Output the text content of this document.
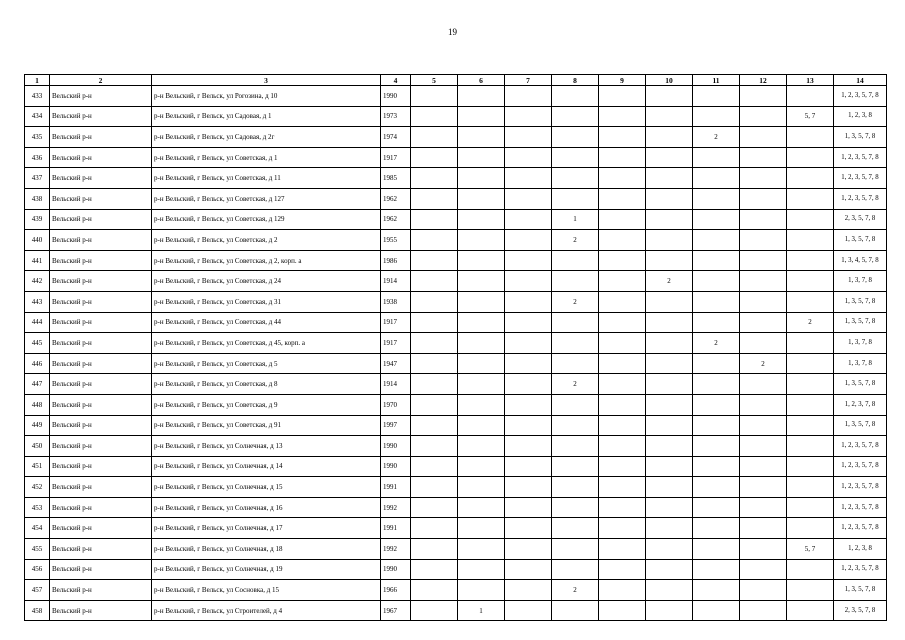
19
1	2	3	4	5	6	7	8	9	10	11	12	13	14
433	Вельский р-н	р-н Вельский, г Вельск, ул Рогозина, д 10	1990										1, 2, 3, 5, 7, 8
434	Вельский р-н	р-н Вельский, г Вельск, ул Садовая, д 1	1973									5, 7	1, 2, 3, 8
435	Вельский р-н	р-н Вельский, г Вельск, ул Садовая, д 2г	1974							2			1, 3, 5, 7, 8
436	Вельский р-н	р-н Вельский, г Вельск, ул Советская, д 1	1917										1, 2, 3, 5, 7, 8
437	Вельский р-н	р-н Вельский, г Вельск, ул Советская, д 11	1985										1, 2, 3, 5, 7, 8
438	Вельский р-н	р-н Вельский, г Вельск, ул Советская, д 127	1962										1, 2, 3, 5, 7, 8
439	Вельский р-н	р-н Вельский, г Вельск, ул Советская, д 129	1962				1						2, 3, 5, 7, 8
440	Вельский р-н	р-н Вельский, г Вельск, ул Советская, д 2	1955				2						1, 3, 5, 7, 8
441	Вельский р-н	р-н Вельский, г Вельск, ул Советская, д 2, корп. а	1986										1, 3, 4, 5, 7, 8
442	Вельский р-н	р-н Вельский, г Вельск, ул Советская, д 24	1914						2				1, 3, 7, 8
443	Вельский р-н	р-н Вельский, г Вельск, ул Советская, д 31	1938				2						1, 3, 5, 7, 8
444	Вельский р-н	р-н Вельский, г Вельск, ул Советская, д 44	1917									2	1, 3, 5, 7, 8
445	Вельский р-н	р-н Вельский, г Вельск, ул Советская, д 45, корп. а	1917							2			1, 3, 7, 8
446	Вельский р-н	р-н Вельский, г Вельск, ул Советская, д 5	1947								2		1, 3, 7, 8
447	Вельский р-н	р-н Вельский, г Вельск, ул Советская, д 8	1914				2						1, 3, 5, 7, 8
448	Вельский р-н	р-н Вельский, г Вельск, ул Советская, д 9	1970										1, 2, 3, 7, 8
449	Вельский р-н	р-н Вельский, г Вельск, ул Советская, д 91	1997										1, 3, 5, 7, 8
450	Вельский р-н	р-н Вельский, г Вельск, ул Солнечная, д 13	1990										1, 2, 3, 5, 7, 8
451	Вельский р-н	р-н Вельский, г Вельск, ул Солнечная, д 14	1990										1, 2, 3, 5, 7, 8
452	Вельский р-н	р-н Вельский, г Вельск, ул Солнечная, д 15	1991										1, 2, 3, 5, 7, 8
453	Вельский р-н	р-н Вельский, г Вельск, ул Солнечная, д 16	1992										1, 2, 3, 5, 7, 8
454	Вельский р-н	р-н Вельский, г Вельск, ул Солнечная, д 17	1991										1, 2, 3, 5, 7, 8
455	Вельский р-н	р-н Вельский, г Вельск, ул Солнечная, д 18	1992									5, 7	1, 2, 3, 8
456	Вельский р-н	р-н Вельский, г Вельск, ул Солнечная, д 19	1990										1, 2, 3, 5, 7, 8
457	Вельский р-н	р-н Вельский, г Вельск, ул Сосновка, д 15	1966				2						1, 3, 5, 7, 8
458	Вельский р-н	р-н Вельский, г Вельск, ул Строителей, д 4	1967		1								2, 3, 5, 7, 8
